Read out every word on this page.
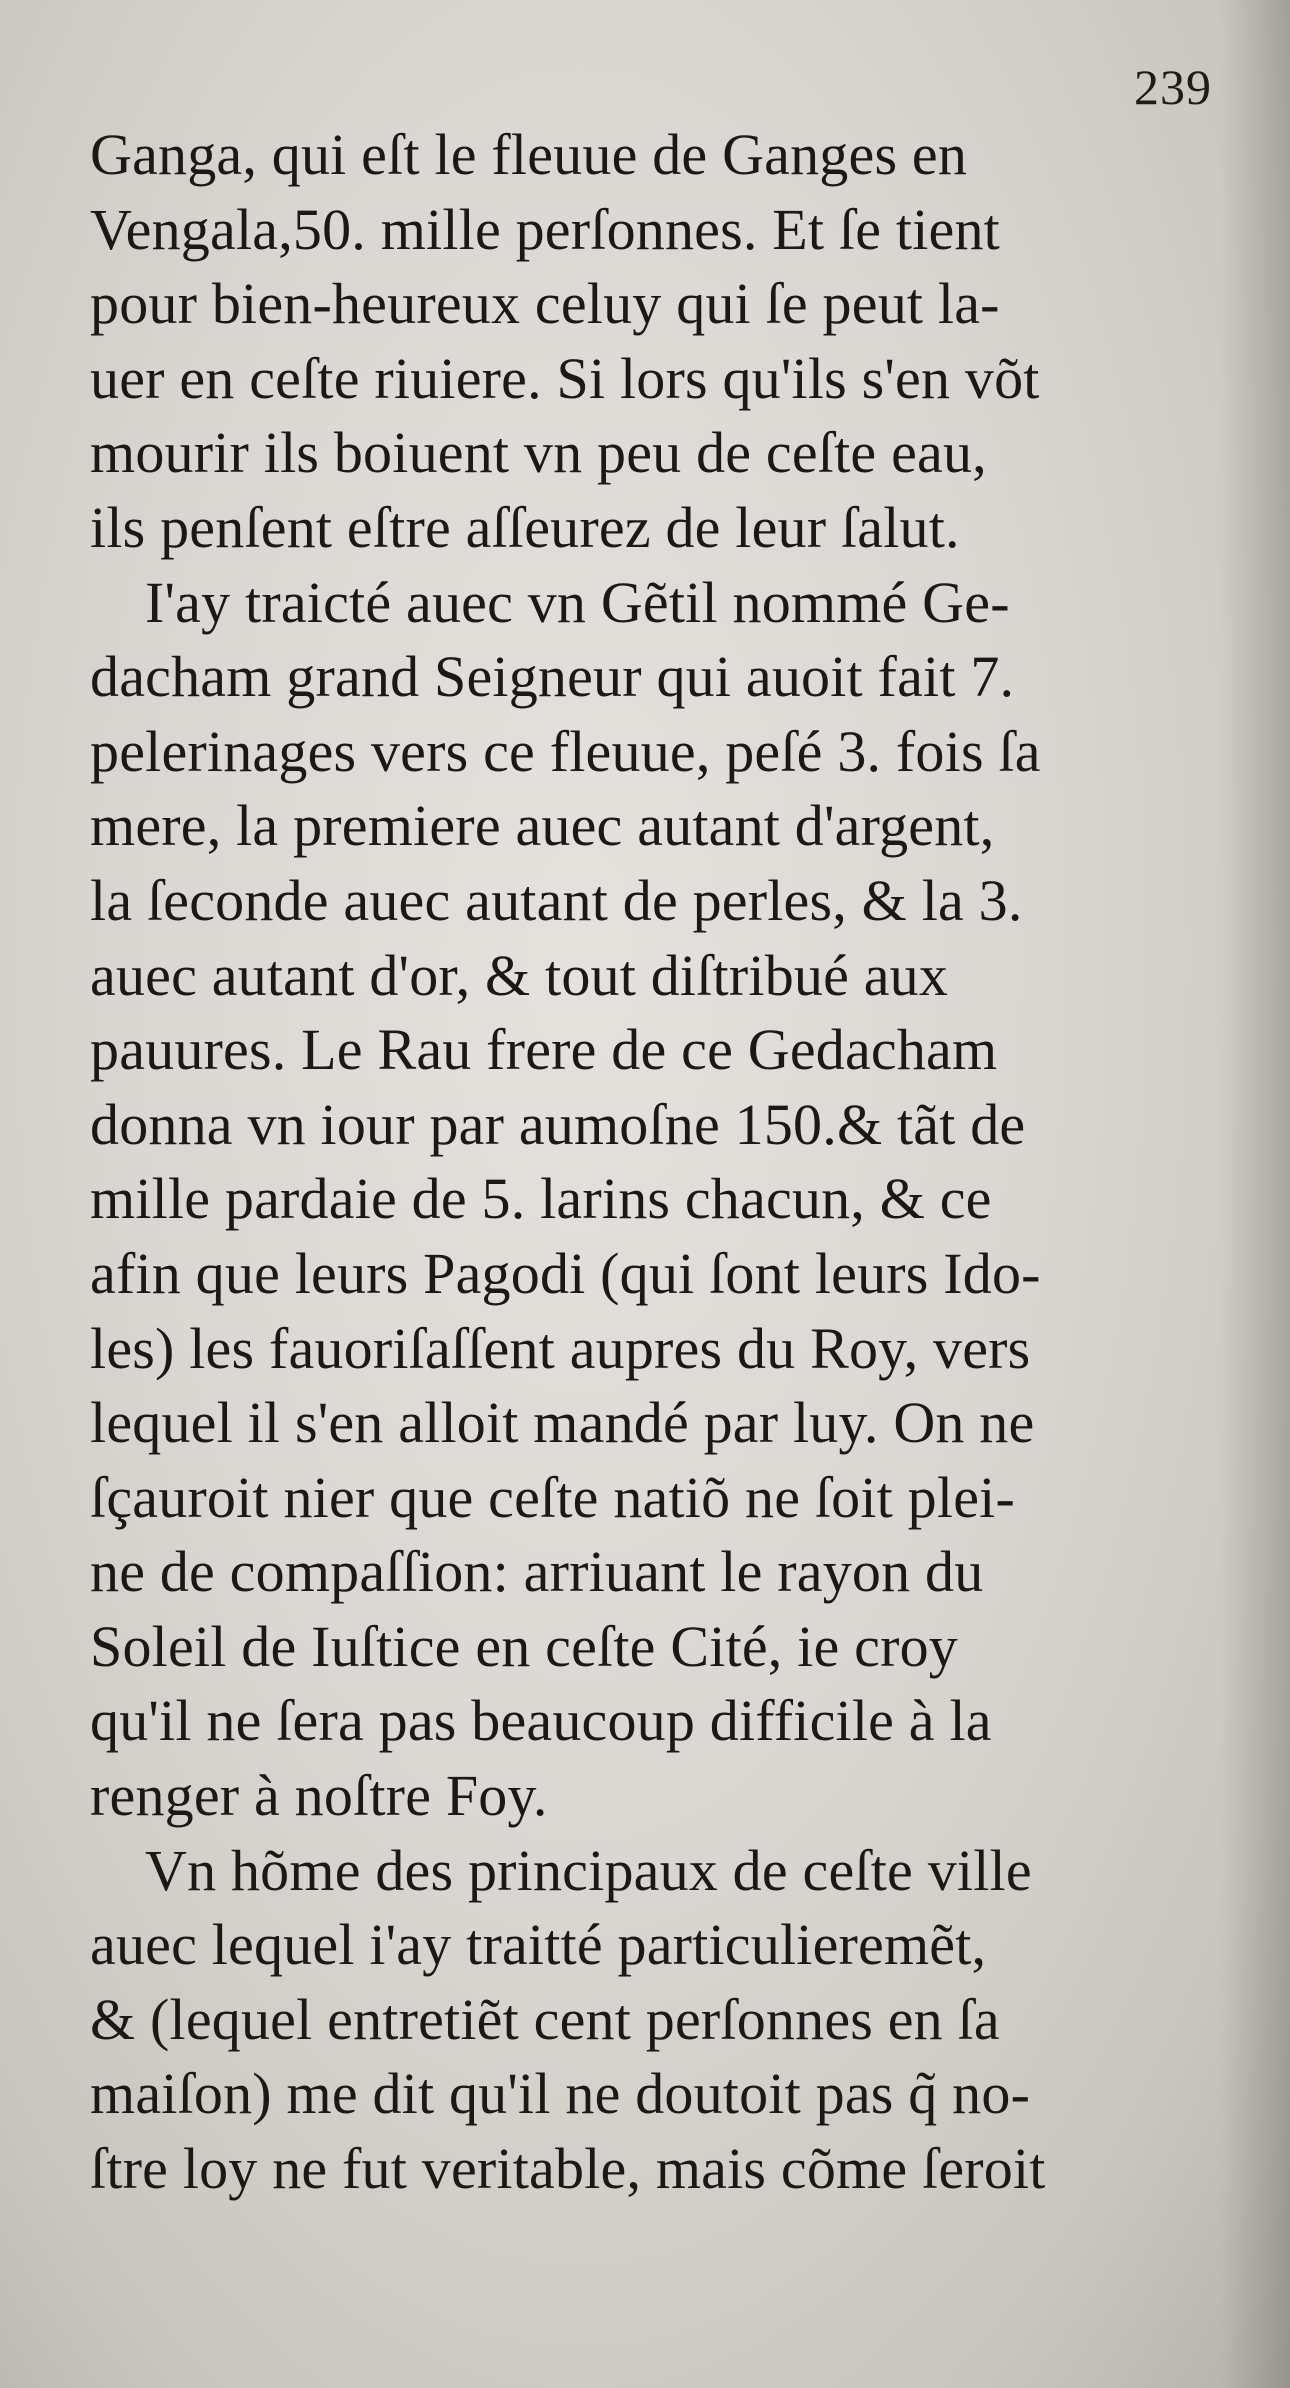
239
Ganga, qui eſt le fleuue de Ganges en
Vengala,50. mille perſonnes. Et ſe tient
pour bien-heureux celuy qui ſe peut la-
uer en ceſte riuiere. Si lors qu'ils s'en võt
mourir ils boiuent vn peu de ceſte eau,
ils penſent eſtre aſſeurez de leur ſalut.
I'ay traicté auec vn Gẽtil nommé Ge-
dacham grand Seigneur qui auoit fait 7.
pelerinages vers ce fleuue, peſé 3. fois ſa
mere, la premiere auec autant d'argent,
la ſeconde auec autant de perles, & la 3.
auec autant d'or, & tout diſtribué aux
pauures. Le Rau frere de ce Gedacham
donna vn iour par aumoſne 150.& tãt de
mille pardaie de 5. larins chacun, & ce
afin que leurs Pagodi (qui ſont leurs Ido-
les) les fauoriſaſſent aupres du Roy, vers
lequel il s'en alloit mandé par luy. On ne
ſçauroit nier que ceſte natiõ ne ſoit plei-
ne de compaſſion: arriuant le rayon du
Soleil de Iuſtice en ceſte Cité, ie croy
qu'il ne ſera pas beaucoup difficile à la
renger à noſtre Foy.
Vn hõme des principaux de ceſte ville
auec lequel i'ay traitté particulieremẽt,
& (lequel entretiẽt cent perſonnes en ſa
maiſon) me dit qu'il ne doutoit pas q̃ no-
ſtre loy ne fut veritable, mais cõme ſeroit
